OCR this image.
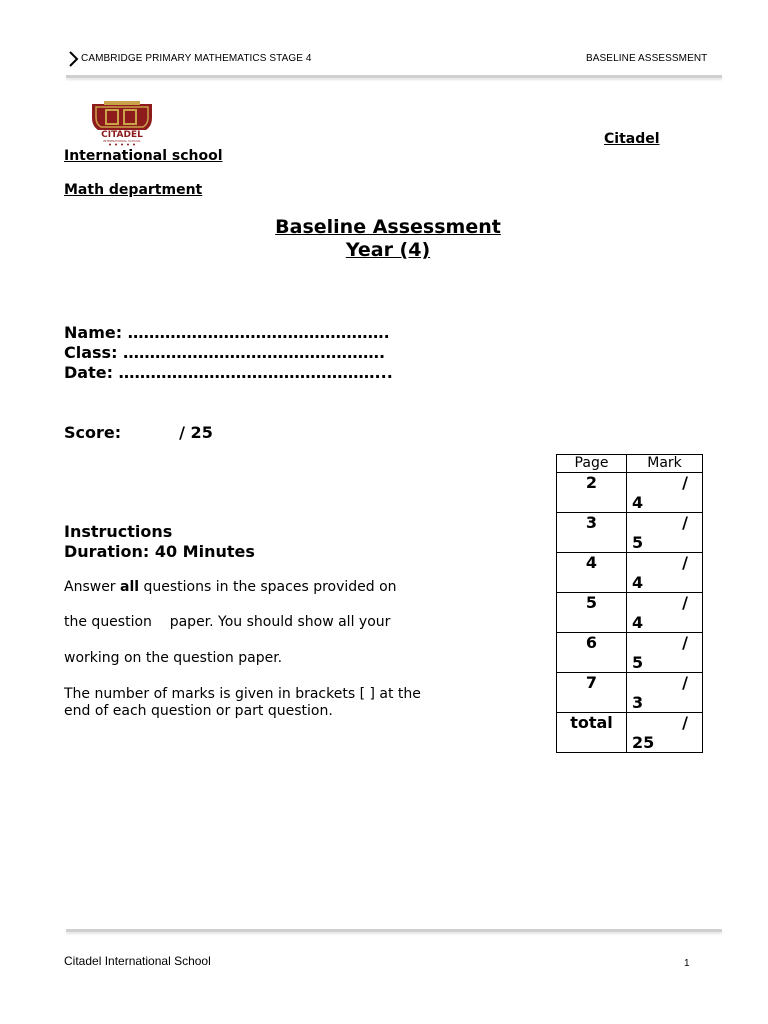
CAMBRIDGE PRIMARY MATHEMATICS STAGE 4	BASELINE ASSESSMENT
CITADEL
INTERNATIONAL SCHOOL	Citadel
International school
Math department
Baseline Assessment
Year (4)
Name: ………………………………………….
Class: ………………………………………….
Date: …………………………………………...
Score:	/ 25
Page	Mark
2	/
4

3	/
5

4	/
4

5	/
4

6	/
5

7	/
3

total	/
25
Instructions
Duration: 40 Minutes
Answer all questions in the spaces provided on
the question    paper. You should show all your
working on the question paper.
The number of marks is given in brackets [ ] at the
end of each question or part question.
Citadel International School	1
